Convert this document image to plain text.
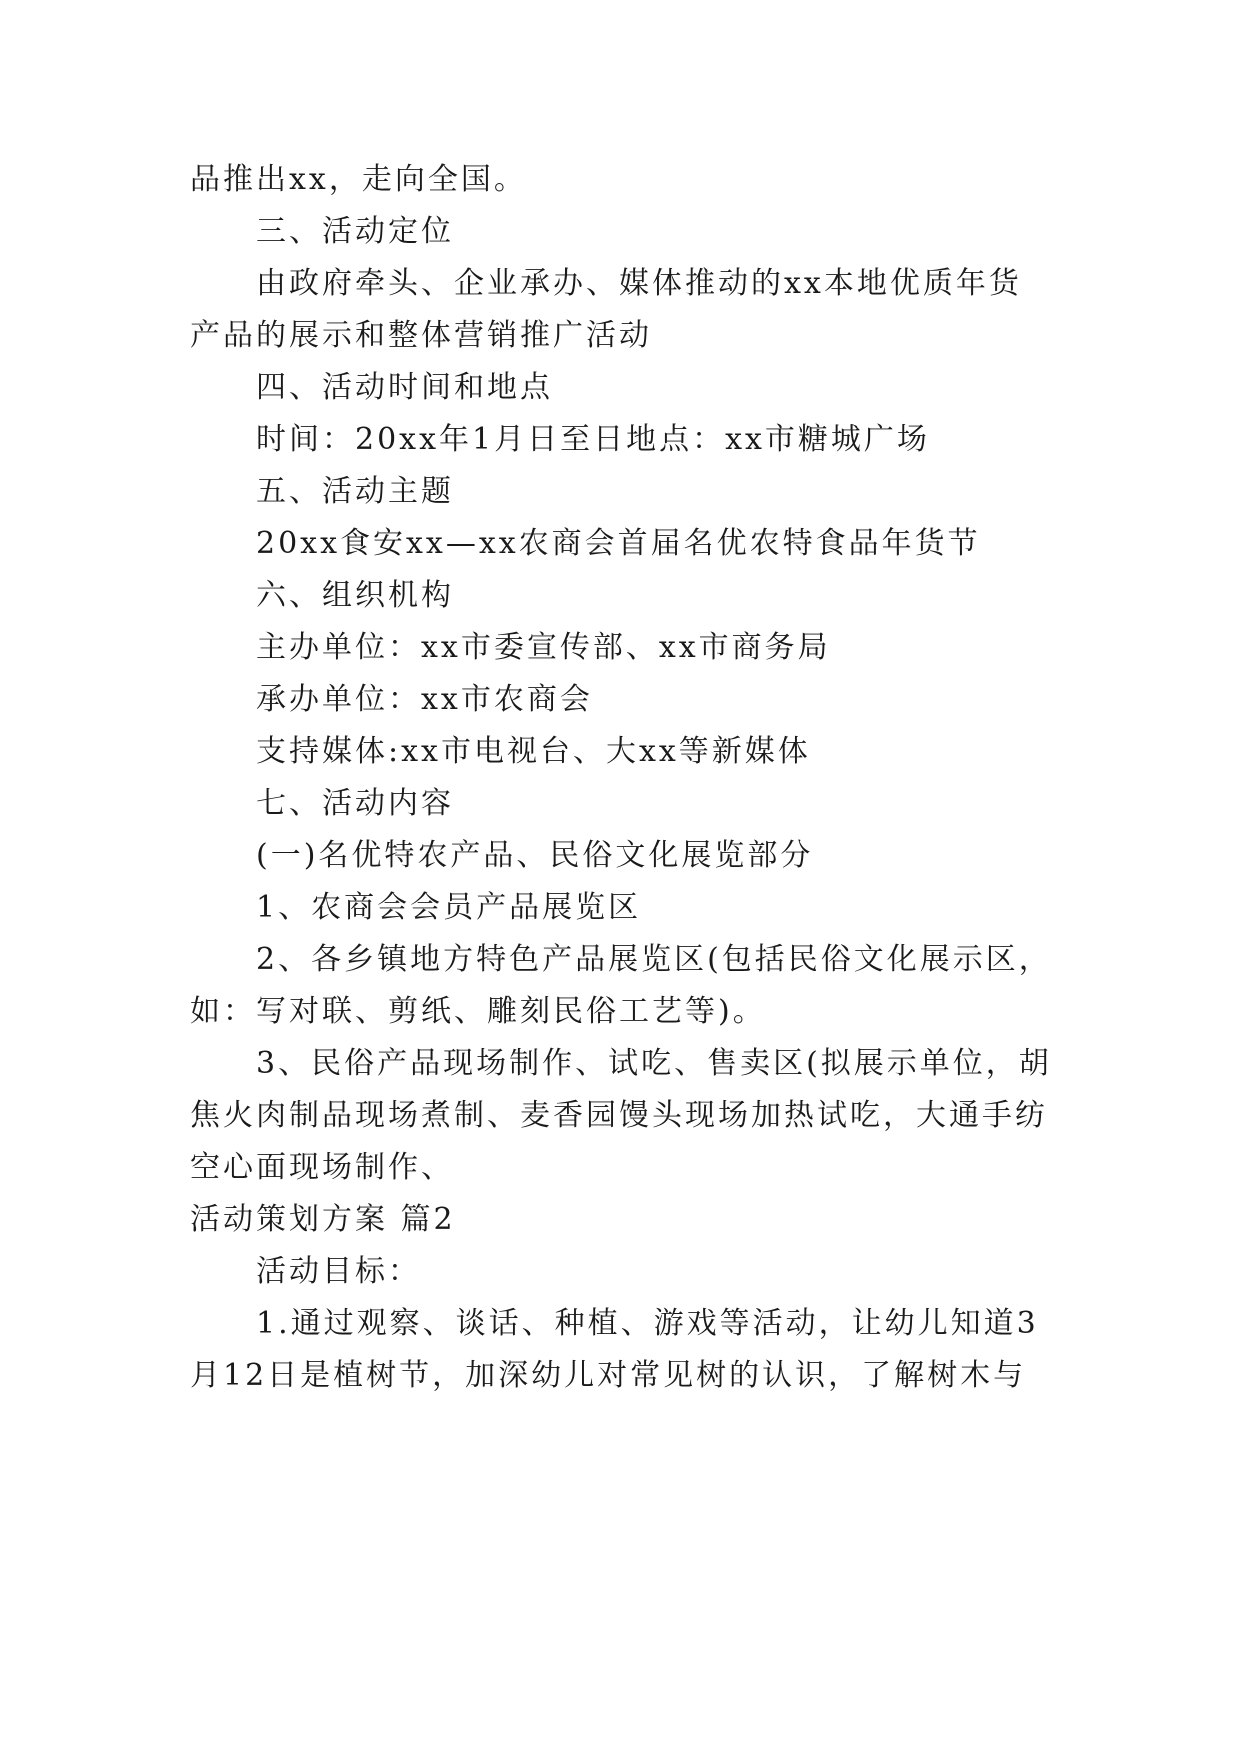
品推出xx，走向全国。
三、活动定位
由政府牵头、企业承办、媒体推动的xx本地优质年货
产品的展示和整体营销推广活动
四、活动时间和地点
时间：20xx年1月日至日地点：xx市糖城广场
五、活动主题
20xx食安xx—xx农商会首届名优农特食品年货节
六、组织机构
主办单位：xx市委宣传部、xx市商务局
承办单位：xx市农商会
支持媒体:xx市电视台、大xx等新媒体
七、活动内容
(一)名优特农产品、民俗文化展览部分
1、农商会会员产品展览区
2、各乡镇地方特色产品展览区(包括民俗文化展示区，
如：写对联、剪纸、雕刻民俗工艺等)。
3、民俗产品现场制作、试吃、售卖区(拟展示单位，胡
焦火肉制品现场煮制、麦香园馒头现场加热试吃，大通手纺
空心面现场制作、
活动策划方案 篇2
活动目标：
1.通过观察、谈话、种植、游戏等活动，让幼儿知道3
月12日是植树节，加深幼儿对常见树的认识，了解树木与
